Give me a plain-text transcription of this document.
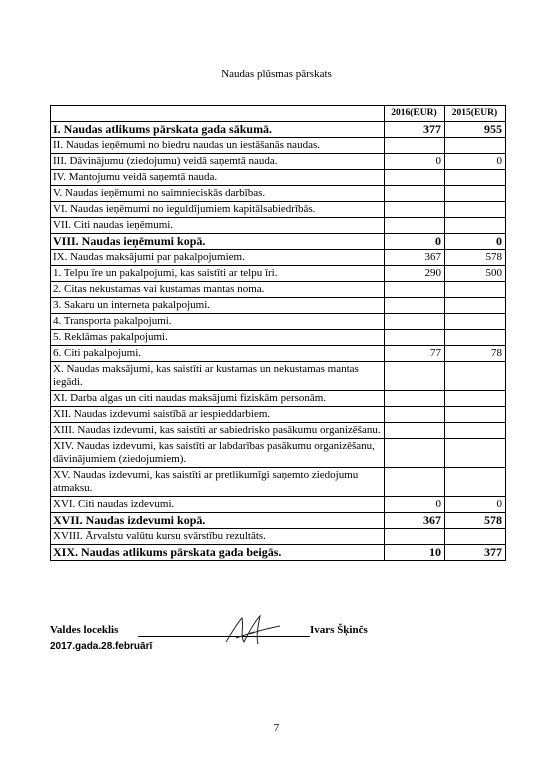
Naudas plūsmas pārskats
	2016(EUR)	2015(EUR)
I. Naudas atlikums pārskata gada sākumā.	377	955
II. Naudas ieņēmumi no biedru naudas un iestāšanās naudas.		
III. Dāvinājumu (ziedojumu) veidā saņemtā nauda.	0	0
IV. Mantojumu veidā saņemtā nauda.		
V. Naudas ieņēmumi no saimnieciskās darbības.		
VI. Naudas ieņēmumi no ieguldījumiem kapitālsabiedrībās.		
VII. Citi naudas ieņēmumi.		
VIII. Naudas ieņēmumi kopā.	0	0
IX. Naudas maksājumi par pakalpojumiem.	367	578
1. Telpu īre un pakalpojumi, kas saistīti ar telpu īri.	290	500
2. Citas nekustamas vai kustamas mantas noma.		
3. Sakaru un interneta pakalpojumi.		
4. Transporta pakalpojumi.		
5. Reklāmas pakalpojumi.		
6. Citi pakalpojumi.	77	78
X. Naudas maksājumi, kas saistīti ar kustamas un nekustamas mantas iegādi.		
XI. Darba algas un citi naudas maksājumi fiziskām personām.		
XII. Naudas izdevumi saistībā ar iespieddarbiem.		
XIII. Naudas izdevumi, kas saistīti ar sabiedrisko pasākumu organizēšanu.		
XIV. Naudas izdevumi, kas saistīti ar labdarības pasākumu organizēšanu, dāvinājumiem (ziedojumiem).		
XV. Naudas izdevumi, kas saistīti ar pretlikumīgi saņemto ziedojumu atmaksu.		
XVI. Citi naudas izdevumi.	0	0
XVII. Naudas izdevumi kopā.	367	578
XVIII. Ārvalstu valūtu kursu svārstību rezultāts.		
XIX. Naudas atlikums pārskata gada beigās.	10	377
Valdes loceklis	Ivars Šķinčs
2017.gada.28.februārī
7
